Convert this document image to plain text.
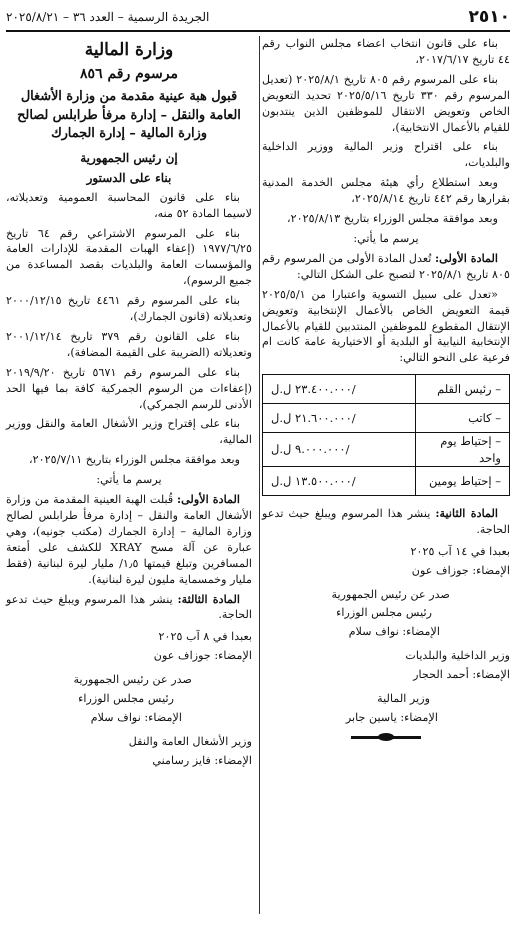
٢٥١٠
الجريدة الرسمية – العدد ٣٦ – ٢٠٢٥/٨/٢١

بناء على قانون انتخاب اعضاء مجلس النواب رقم ٤٤ تاريخ ٢٠١٧/٦/١٧،

بناء على المرسوم رقم ٨٠٥ تاريخ ٢٠٢٥/٨/١ (تعديل المرسوم رقم ٣٣٠ تاريخ ٢٠٢٥/٥/١٦ تحديد التعويض الخاص وتعويض الانتقال للموظفين الذين ينتدبون للقيام بالأعمال الانتخابية)،

بناء على اقتراح وزير المالية ووزير الداخلية والبلديات،

وبعد استطلاع رأي هيئة مجلس الخدمة المدنية بقرارها رقم ٤٤٢ تاريخ ٢٠٢٥/٨/١٤،

وبعد موافقة مجلس الوزراء بتاريخ ٢٠٢٥/٨/١٣،

يرسم ما يأتي:

المادة الأولى: تُعدل المادة الأولى من المرسوم رقم ٨٠٥ تاريخ ٢٠٢٥/٨/١ لتصبح على الشكل التالي:

«تعدل على سبيل التسوية واعتبارا من ٢٠٢٥/٥/١ قيمة التعويض الخاص بالأعمال الإنتخابية وتعويض الإنتقال المقطوع للموظفين المنتدبين للقيام بالأعمال الإنتخابية النيابية أو البلدية أو الاختيارية عامة كانت ام فرعية على النحو التالي:

– رئيس القلم	/٢٣.٤٠٠.٠٠٠ ل.ل
– كاتب	/٢١.٦٠٠.٠٠٠ ل.ل
– إحتياط يوم واحد	/٩.٠٠٠.٠٠٠ ل.ل
– إحتياط يومين	/١٣.٥٠٠.٠٠٠ ل.ل

المادة الثانية: ينشر هذا المرسوم ويبلغ حيث تدعو الحاجة.

بعبدا في ١٤ آب ٢٠٢٥

الإمضاء: جوزاف عون

صدر عن رئيس الجمهورية

رئيس مجلس الوزراء

الإمضاء: نواف سلام

وزير الداخلية والبلديات

الإمضاء: أحمد الحجار

وزير المالية

الإمضاء: ياسين جابر

وزارة المالية

مرسوم رقم ٨٥٦

قبول هبة عينية مقدمة من وزارة الأشغال العامة والنقل – إدارة مرفأ طرابلس لصالح وزارة المالية – إدارة الجمارك

إن رئيس الجمهورية

بناء على الدستور

بناء على قانون المحاسبة العمومية وتعديلاته، لاسيما المادة ٥٢ منه،

بناء على المرسوم الاشتراعي رقم ٦٤ تاريخ ١٩٧٧/٦/٢٥ (إعفاء الهبات المقدمة للإدارات العامة والمؤسسات العامة والبلديات بقصد المساعدة من جميع الرسوم)،

بناء على المرسوم رقم ٤٤٦١ تاريخ ٢٠٠٠/١٢/١٥ وتعديلاته (قانون الجمارك)،

بناء على القانون رقم ٣٧٩ تاريخ ٢٠٠١/١٢/١٤ وتعديلاته (الضريبة على القيمة المضافة)،

بناء على المرسوم رقم ٥٦٧١ تاريخ ٢٠١٩/٩/٢٠ (إعفاءات من الرسوم الجمركية كافة بما فيها الحد الأدنى للرسم الجمركي)،

بناء على إقتراح وزير الأشغال العامة والنقل ووزير المالية،

وبعد موافقة مجلس الوزراء بتاريخ ٢٠٢٥/٧/١١،

يرسم ما يأتي:

المادة الأولى: قُبلت الهبة العينية المقدمة من وزارة الأشغال العامة والنقل – إدارة مرفأ طرابلس لصالح وزارة المالية – إدارة الجمارك (مكتب جونيه)، وهي عبارة عن آلة مسح XRAY للكشف على أمتعة المسافرين وتبلغ قيمتها ١٫٥/ مليار ليرة لبنانية (فقط مليار وخمسماية مليون ليرة لبنانية).

المادة الثالثة: ينشر هذا المرسوم ويبلغ حيث تدعو الحاجة.

بعبدا في ٨ آب ٢٠٢٥

الإمضاء: جوزاف عون

صدر عن رئيس الجمهورية

رئيس مجلس الوزراء

الإمضاء: نواف سلام

وزير الأشغال العامة والنقل

الإمضاء: فايز رسامني
